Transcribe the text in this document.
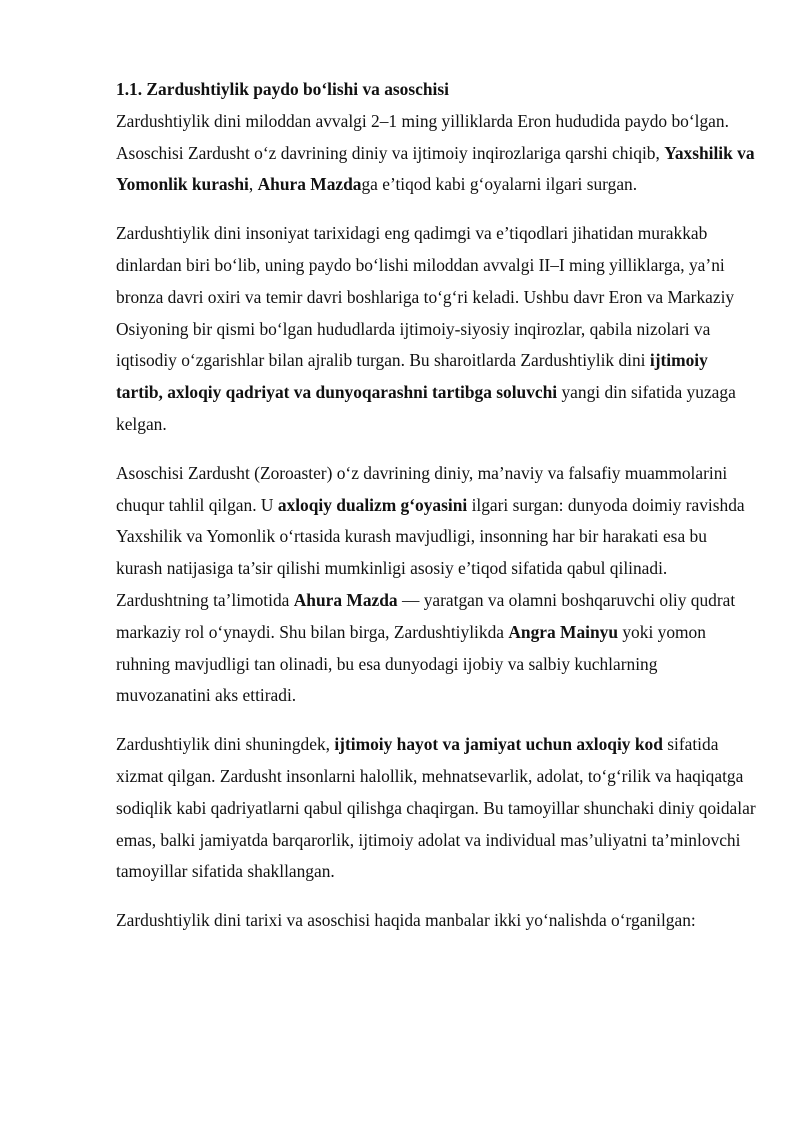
1.1. Zardushtiylik paydo bo‘lishi va asoschisi

Zardushtiylik dini miloddan avvalgi 2–1 ming yilliklarda Eron hududida paydo bo‘lgan. Asoschisi Zardusht o‘z davrining diniy va ijtimoiy inqirozlariga qarshi chiqib, Yaxshilik va Yomonlik kurashi, Ahura Mazdaga e’tiqod kabi g‘oyalarni ilgari surgan.

Zardushtiylik dini insoniyat tarixidagi eng qadimgi va e’tiqodlari jihatidan murakkab dinlardan biri bo‘lib, uning paydo bo‘lishi miloddan avvalgi II–I ming yilliklarga, ya’ni bronza davri oxiri va temir davri boshlariga to‘g‘ri keladi. Ushbu davr Eron va Markaziy Osiyoning bir qismi bo‘lgan hududlarda ijtimoiy-siyosiy inqirozlar, qabila nizolari va iqtisodiy o‘zgarishlar bilan ajralib turgan. Bu sharoitlarda Zardushtiylik dini ijtimoiy tartib, axloqiy qadriyat va dunyoqarashni tartibga soluvchi yangi din sifatida yuzaga kelgan.

Asoschisi Zardusht (Zoroaster) o‘z davrining diniy, ma’naviy va falsafiy muammolarini chuqur tahlil qilgan. U axloqiy dualizm g‘oyasini ilgari surgan: dunyoda doimiy ravishda Yaxshilik va Yomonlik o‘rtasida kurash mavjudligi, insonning har bir harakati esa bu kurash natijasiga ta’sir qilishi mumkinligi asosiy e’tiqod sifatida qabul qilinadi. Zardushtning ta’limotida Ahura Mazda — yaratgan va olamni boshqaruvchi oliy qudrat markaziy rol o‘ynaydi. Shu bilan birga, Zardushtiylikda Angra Mainyu yoki yomon ruhning mavjudligi tan olinadi, bu esa dunyodagi ijobiy va salbiy kuchlarning muvozanatini aks ettiradi.

Zardushtiylik dini shuningdek, ijtimoiy hayot va jamiyat uchun axloqiy kod sifatida xizmat qilgan. Zardusht insonlarni halollik, mehnatsevarlik, adolat, to‘g‘rilik va haqiqatga sodiqlik kabi qadriyatlarni qabul qilishga chaqirgan. Bu tamoyillar shunchaki diniy qoidalar emas, balki jamiyatda barqarorlik, ijtimoiy adolat va individual mas’uliyatni ta’minlovchi tamoyillar sifatida shakllangan.

Zardushtiylik dini tarixi va asoschisi haqida manbalar ikki yo‘nalishda o‘rganilgan:
